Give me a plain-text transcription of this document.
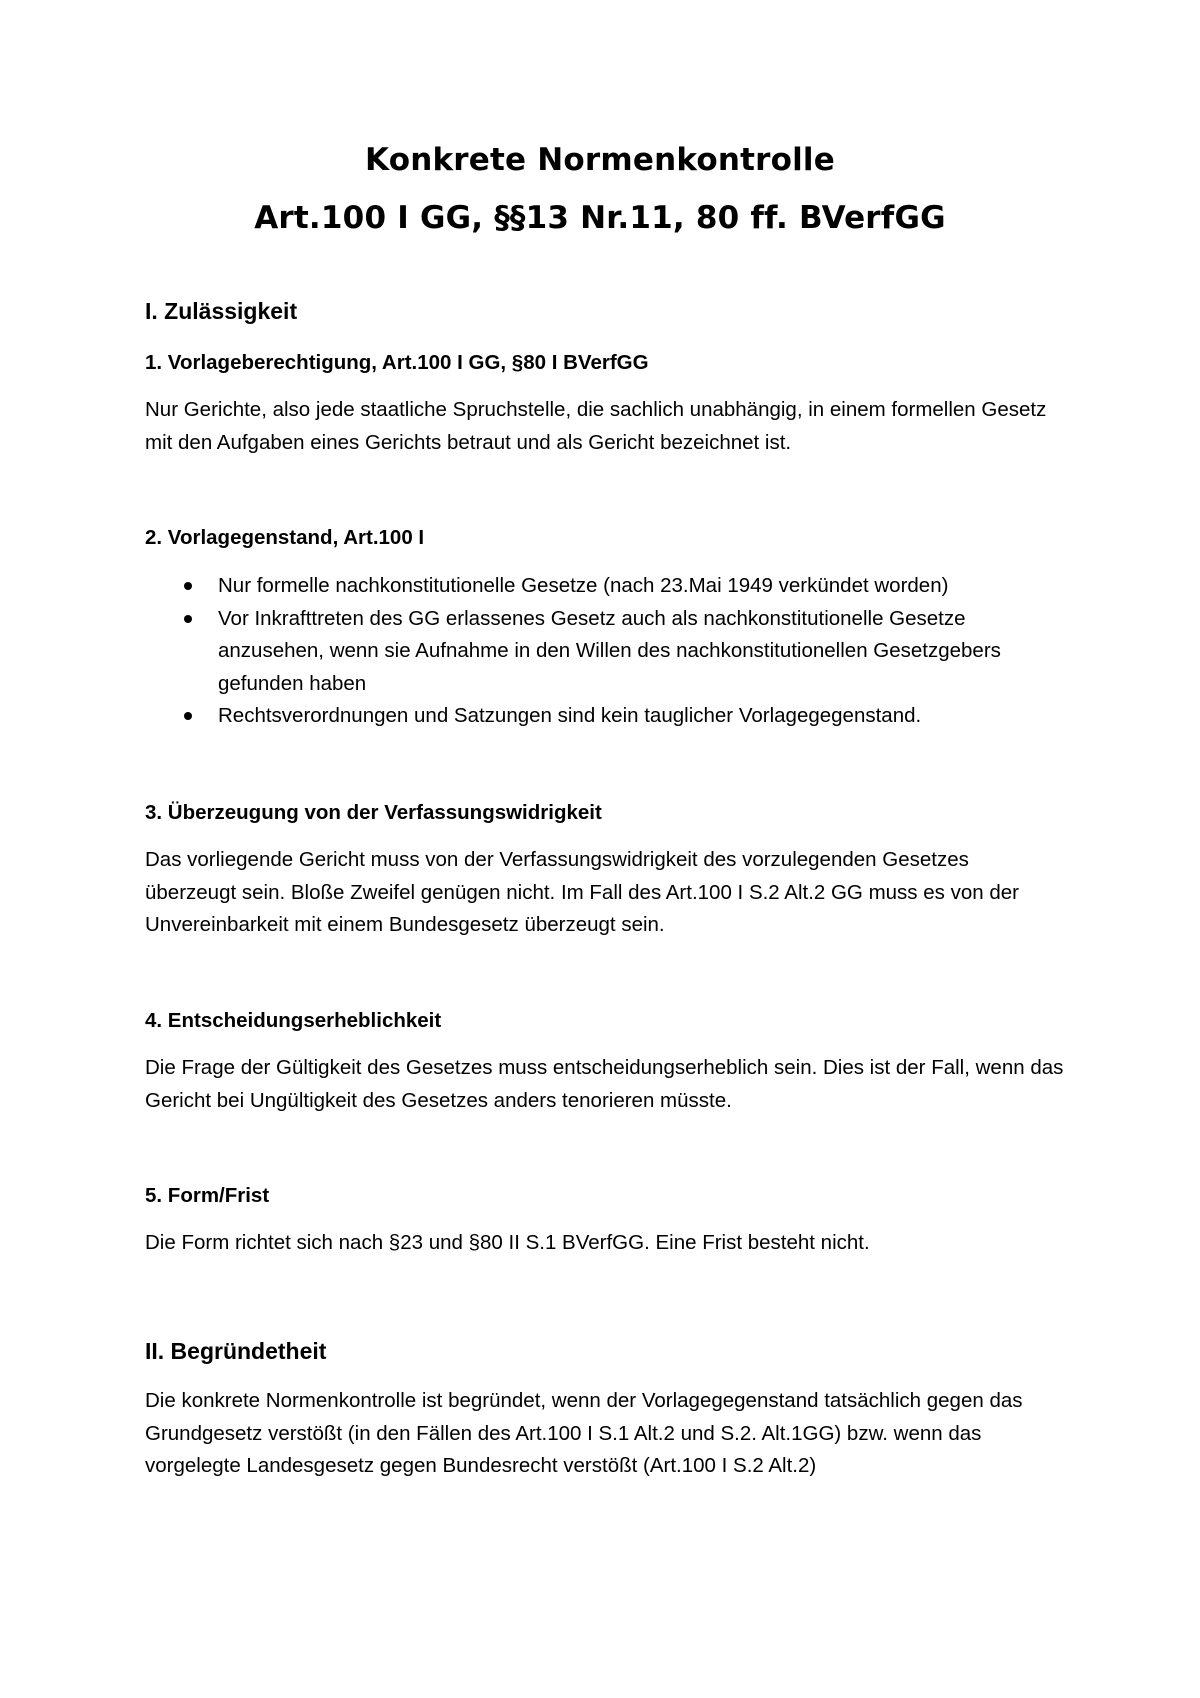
Konkrete Normenkontrolle
Art.100 I GG, §§13 Nr.11, 80 ff. BVerfGG

I. Zulässigkeit

1. Vorlageberechtigung, Art.100 I GG, §80 I BVerfGG

Nur Gerichte, also jede staatliche Spruchstelle, die sachlich unabhängig, in einem formellen Gesetz mit den Aufgaben eines Gerichts betraut und als Gericht bezeichnet ist.

2. Vorlagegenstand, Art.100 I

Nur formelle nachkonstitutionelle Gesetze (nach 23.Mai 1949 verkündet worden)
Vor Inkrafttreten des GG erlassenes Gesetz auch als nachkonstitutionelle Gesetze anzusehen, wenn sie Aufnahme in den Willen des nachkonstitutionellen Gesetzgebers gefunden haben
Rechtsverordnungen und Satzungen sind kein tauglicher Vorlagegegenstand.

3. Überzeugung von der Verfassungswidrigkeit

Das vorliegende Gericht muss von der Verfassungswidrigkeit des vorzulegenden Gesetzes überzeugt sein. Bloße Zweifel genügen nicht. Im Fall des Art.100 I S.2 Alt.2 GG muss es von der Unvereinbarkeit mit einem Bundesgesetz überzeugt sein.

4. Entscheidungserheblichkeit

Die Frage der Gültigkeit des Gesetzes muss entscheidungserheblich sein. Dies ist der Fall, wenn das Gericht bei Ungültigkeit des Gesetzes anders tenorieren müsste.

5. Form/Frist

Die Form richtet sich nach §23 und §80 II S.1 BVerfGG. Eine Frist besteht nicht.

II. Begründetheit

Die konkrete Normenkontrolle ist begründet, wenn der Vorlagegegenstand tatsächlich gegen das Grundgesetz verstößt (in den Fällen des Art.100 I S.1 Alt.2 und S.2. Alt.1GG) bzw. wenn das vorgelegte Landesgesetz gegen Bundesrecht verstößt (Art.100 I S.2 Alt.2)
